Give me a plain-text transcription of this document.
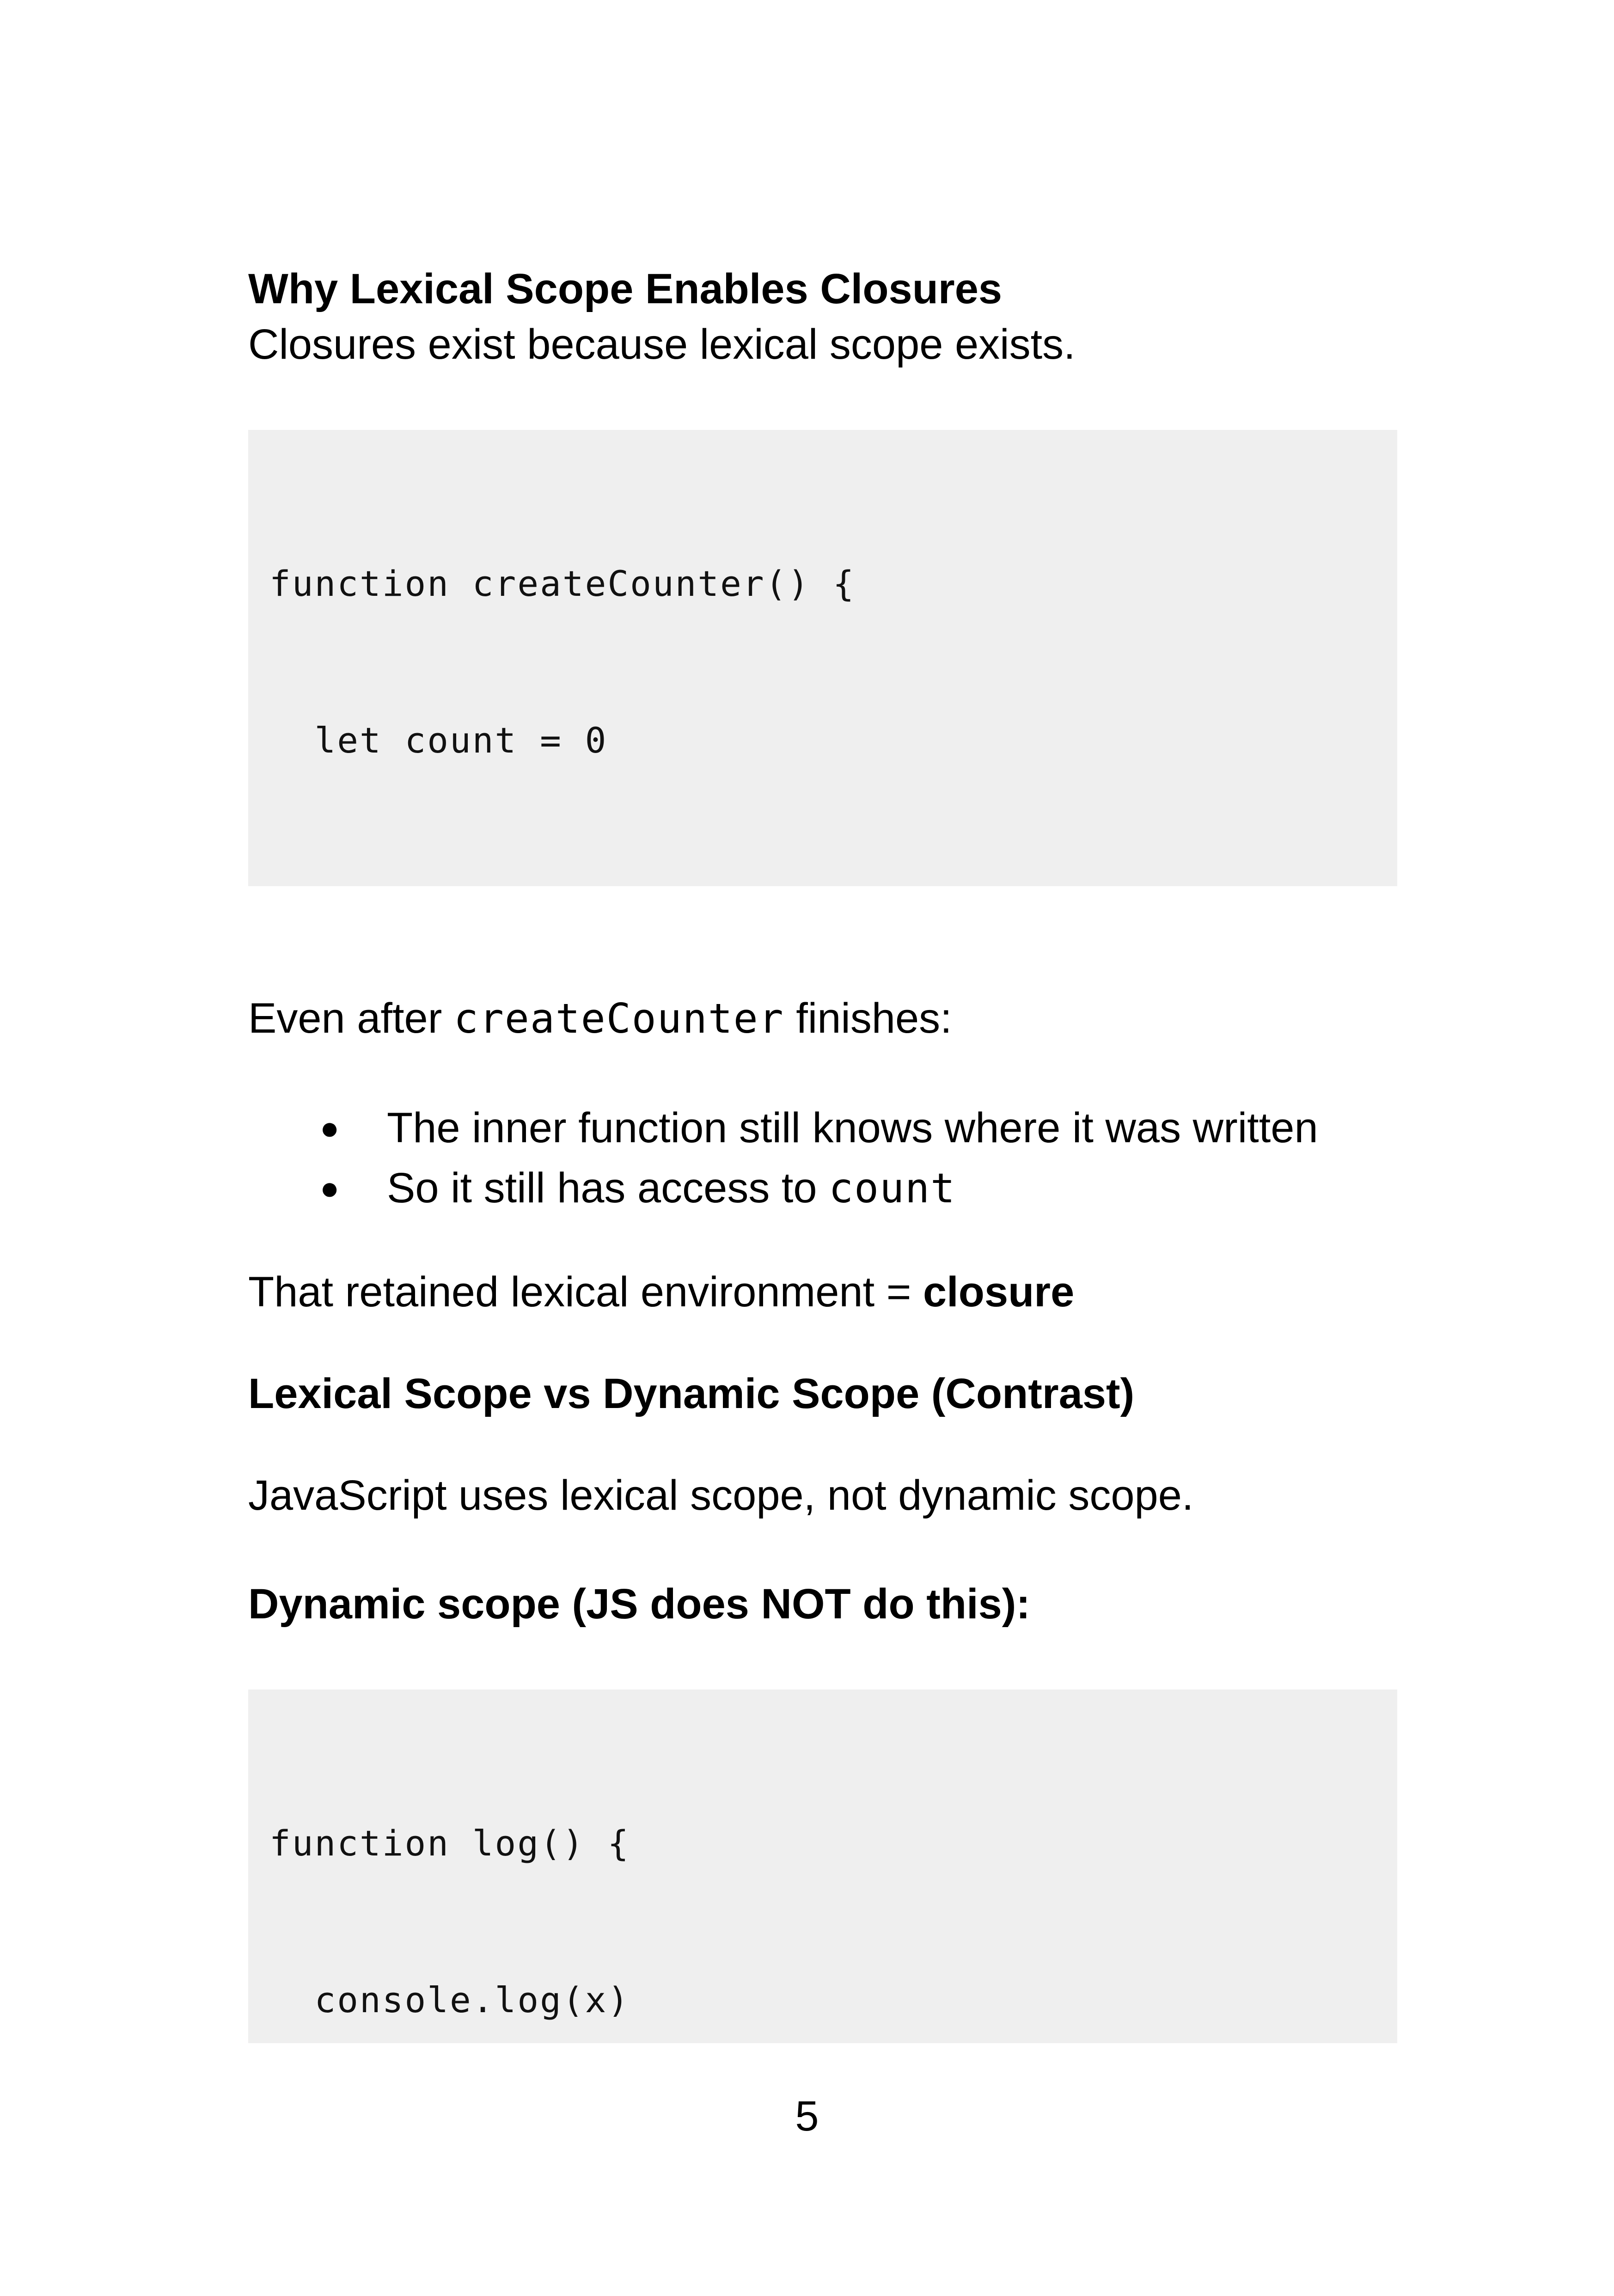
Why Lexical Scope Enables Closures
Closures exist because lexical scope exists.

function createCounter() {

let count = 0

Even after createCounter finishes:
● The inner function still knows where it was written
● So it still has access to count
That retained lexical environment = closure
Lexical Scope vs Dynamic Scope (Contrast)
JavaScript uses lexical scope, not dynamic scope.
Dynamic scope (JS does NOT do this):

function log() {

console.log(x)

5
